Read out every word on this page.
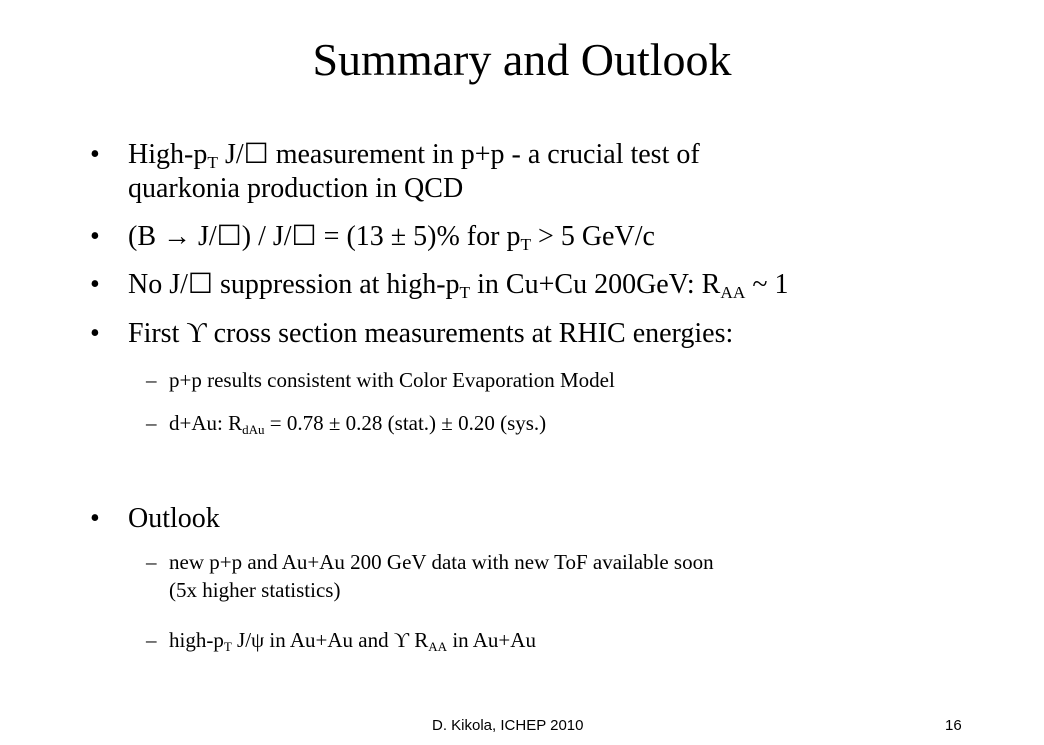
Summary and Outlook
• High-$p_T$ J/☐ measurement in p+p - a crucial test of
quarkonia production in QCD
• (B → J/☐) / J/☐ = (13 ± 5)% for $p_T > 5$ GeV/c
• No J/☐ suppression at high-$p_T$ in Cu+Cu 200GeV: $R_{AA}$ ~ 1
• First ϒ cross section measurements at RHIC energies:
– p+p results consistent with Color Evaporation Model
– d+Au: $R_{dAu} = 0.78 \pm 0.28$ (stat.) ± 0.20 (sys.)
• Outlook
– new p+p and Au+Au 200 GeV data with new ToF available soon
(5x higher statistics)
– high-$p_T$ J/ψ in Au+Au and ϒ $R_{AA}$ in Au+Au
D. Kikola, ICHEP 2010	16
